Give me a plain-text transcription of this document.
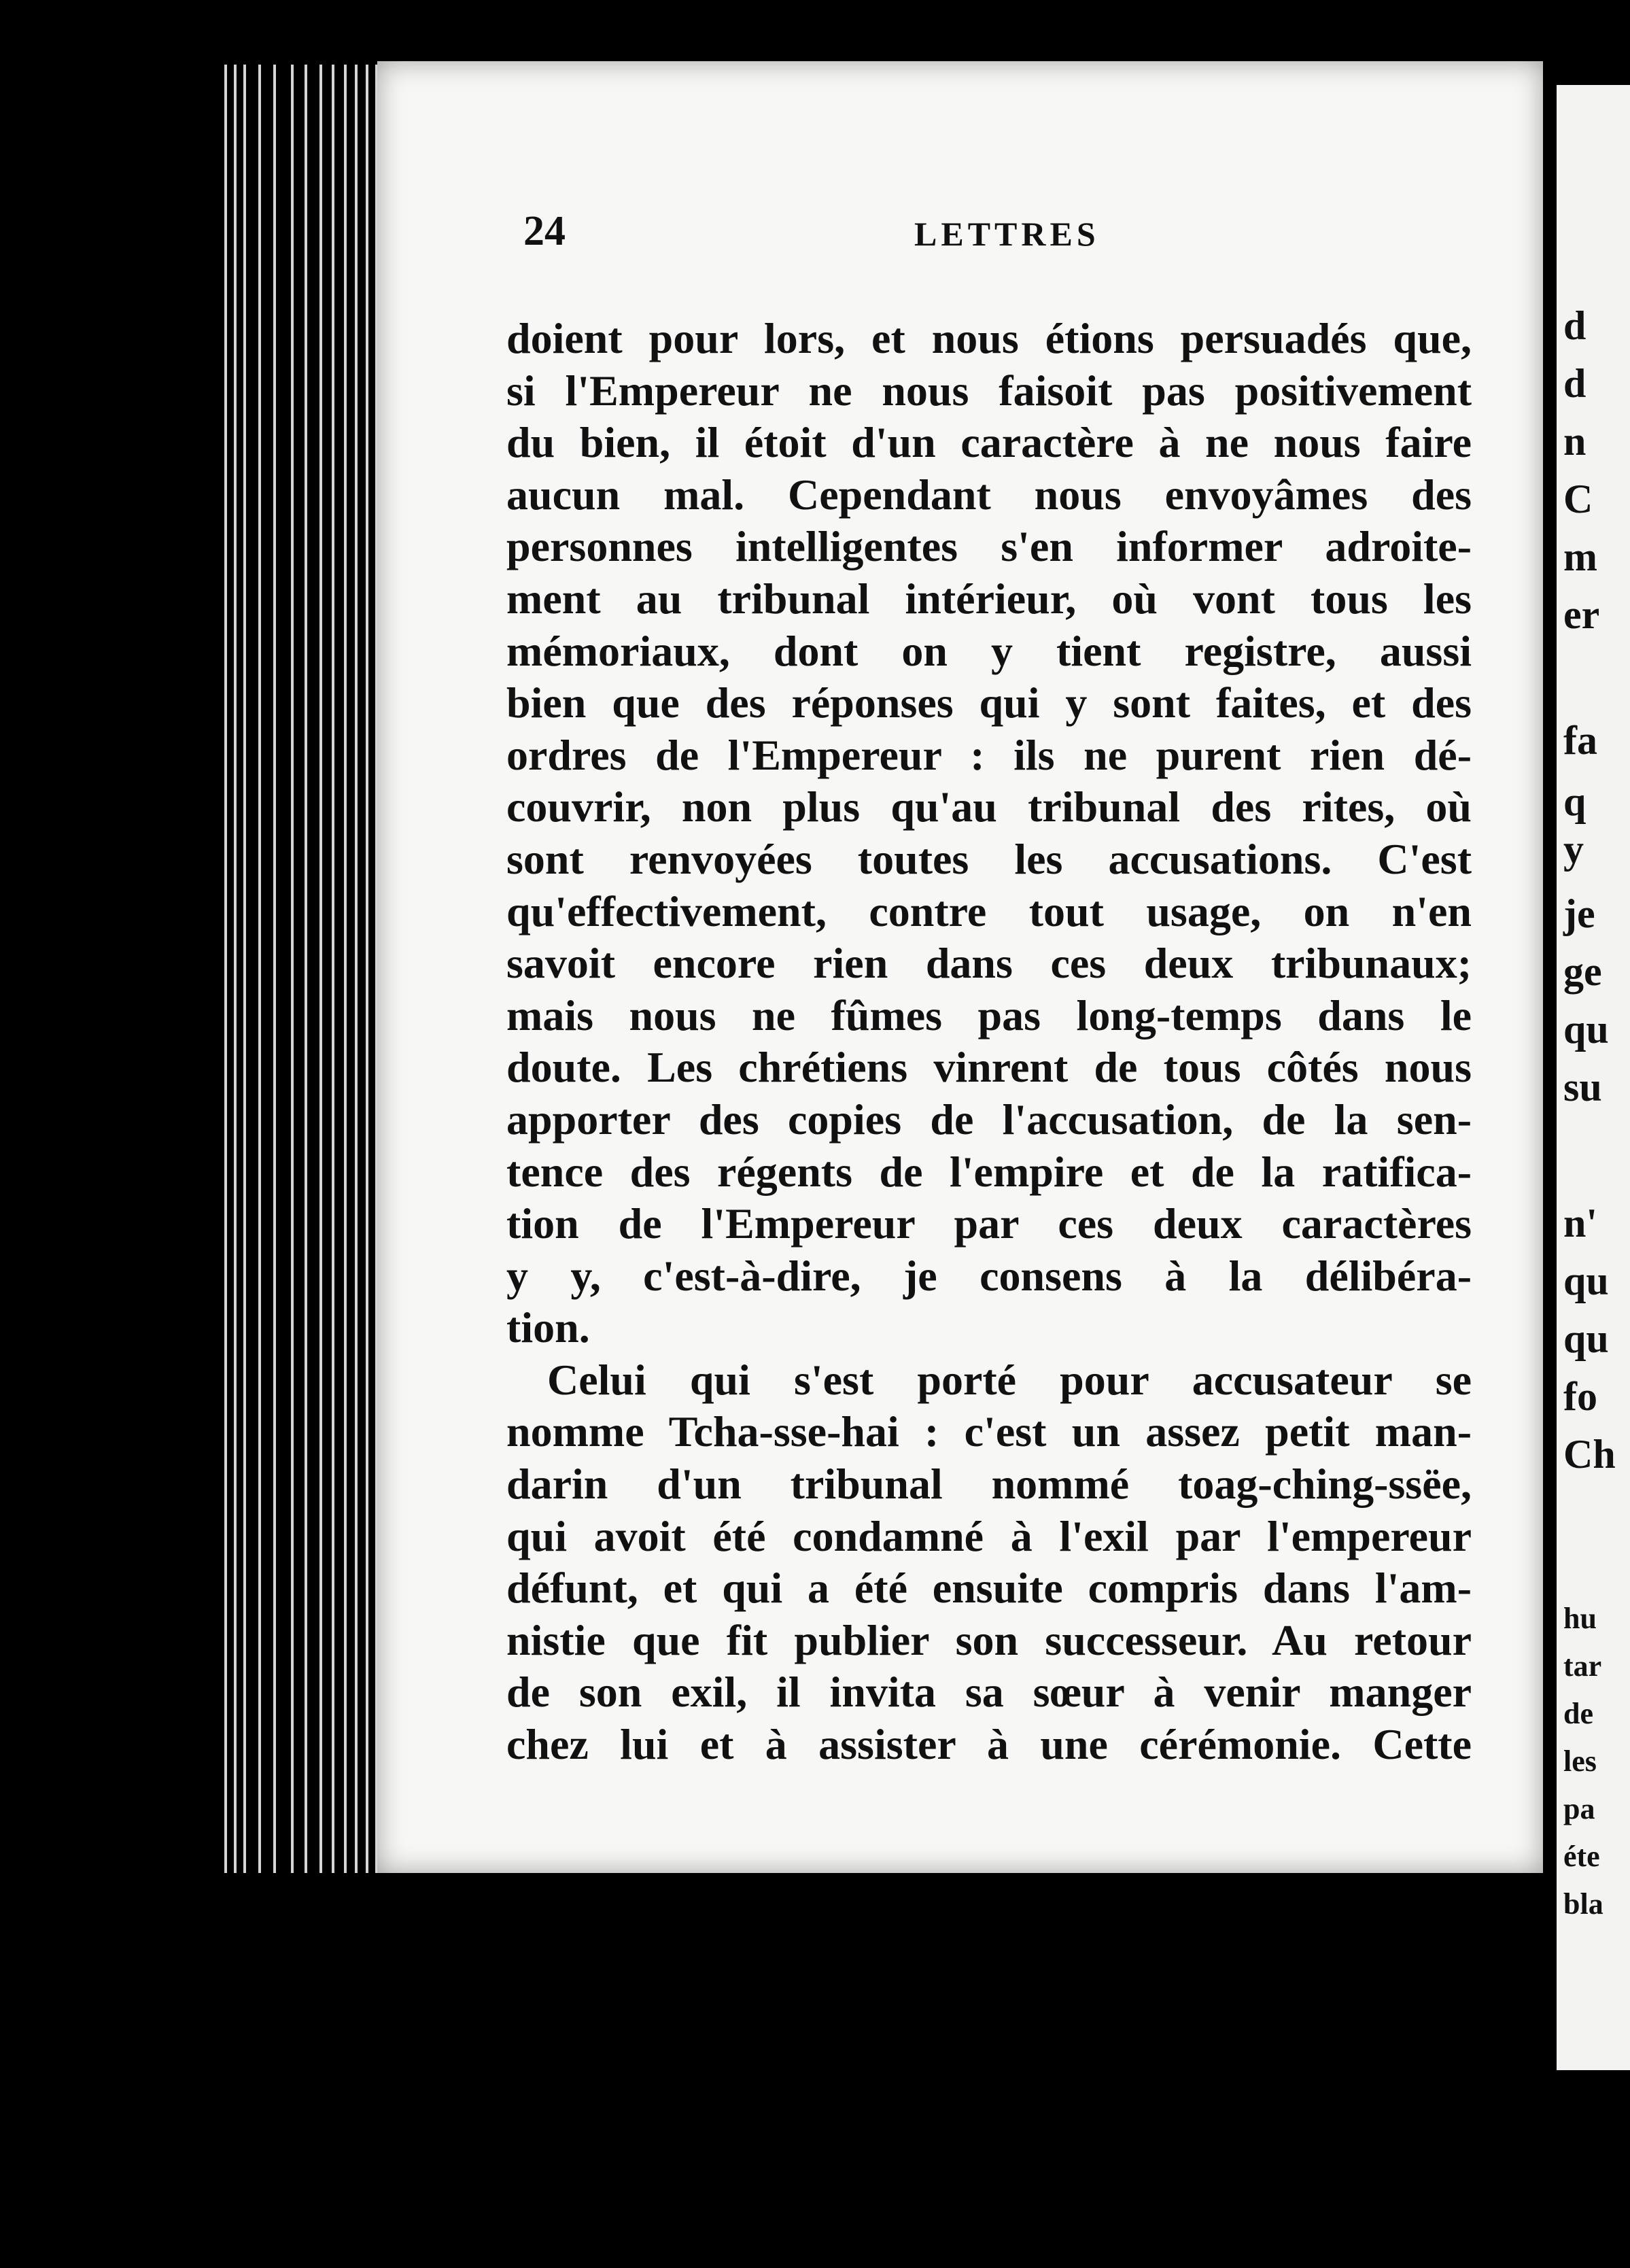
24	LETTRES
doient pour lors, et nous étions persuadés que,
si l'Empereur ne nous faisoit pas positivement
du bien, il étoit d'un caractère à ne nous faire
aucun mal. Cependant nous envoyâmes des
personnes intelligentes s'en informer adroite-
ment au tribunal intérieur, où vont tous les
mémoriaux, dont on y tient registre, aussi
bien que des réponses qui y sont faites, et des
ordres de l'Empereur : ils ne purent rien dé-
couvrir, non plus qu'au tribunal des rites, où
sont renvoyées toutes les accusations. C'est
qu'effectivement, contre tout usage, on n'en
savoit encore rien dans ces deux tribunaux;
mais nous ne fûmes pas long-temps dans le
doute. Les chrétiens vinrent de tous côtés nous
apporter des copies de l'accusation, de la sen-
tence des régents de l'empire et de la ratifica-
tion de l'Empereur par ces deux caractères
y y, c'est-à-dire, je consens à la délibéra-
tion.
Celui qui s'est porté pour accusateur se
nomme Tcha-sse-hai : c'est un assez petit man-
darin d'un tribunal nommé toag-ching-ssëe,
qui avoit été condamné à l'exil par l'empereur
défunt, et qui a été ensuite compris dans l'am-
nistie que fit publier son successeur. Au retour
de son exil, il invita sa sœur à venir manger
chez lui et à assister à une cérémonie. Cette
d
d
n
C
m
er
fa
q
y
je
ge
qu
su
n'
qu
qu
fo
Ch
hu
tar
de
les
pa
éte
bla
